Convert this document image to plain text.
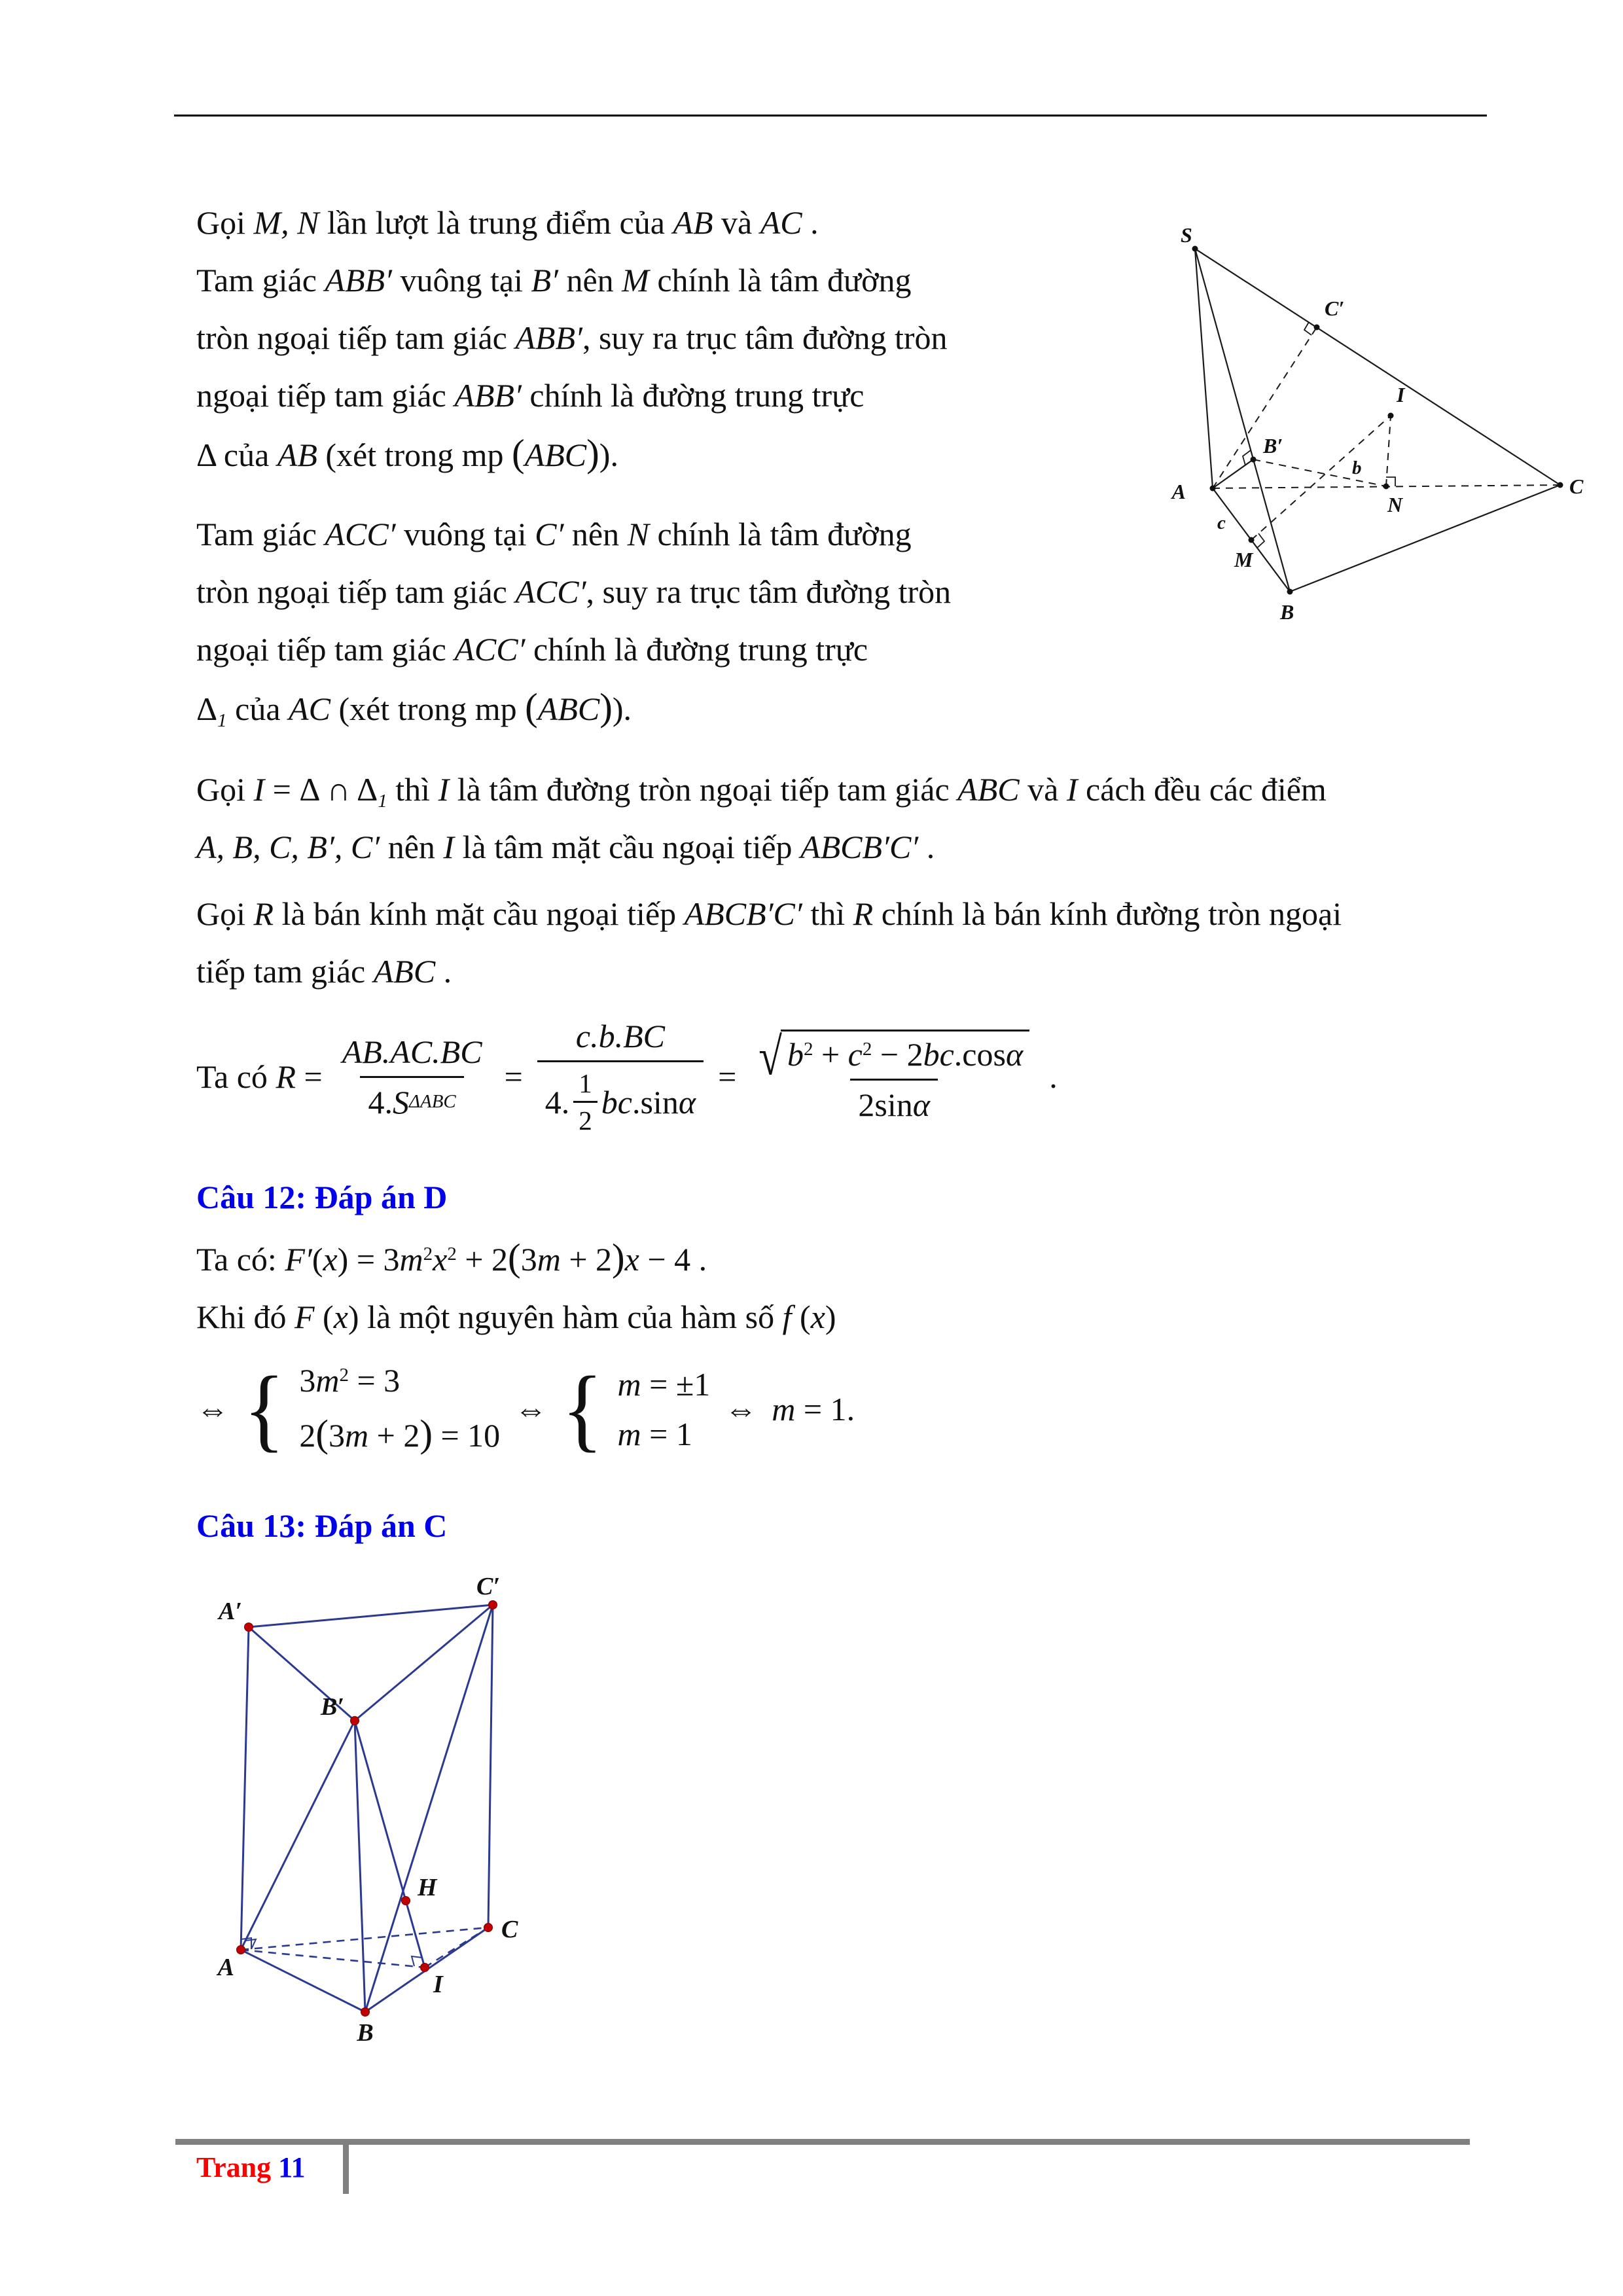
Gọi M, N lần lượt là trung điểm của AB và AC .
Tam giác ABB′ vuông tại B′ nên M chính là tâm đường
tròn ngoại tiếp tam giác ABB′, suy ra trục tâm đường tròn
ngoại tiếp tam giác ABB′ chính là đường trung trực
Δ của AB (xét trong mp (ABC)).
Tam giác ACC′ vuông tại C′ nên N chính là tâm đường
tròn ngoại tiếp tam giác ACC′, suy ra trục tâm đường tròn
ngoại tiếp tam giác ACC′ chính là đường trung trực
$\Delta_1$ của AC (xét trong mp (ABC)).
Gọi I = Δ ∩ $\Delta_1$ thì I là tâm đường tròn ngoại tiếp tam giác ABC và I cách đều các điểm
A, B, C, B′, C′ nên I là tâm mặt cầu ngoại tiếp ABCB′C′ .
Gọi R là bán kính mặt cầu ngoại tiếp ABCB′C′ thì R chính là bán kính đường tròn ngoại
tiếp tam giác ABC .
Ta có $R = \frac{AB.AC.BC}{\text{4. S ΔABC}} = c.b.BC$
4.
1
2
$bc.\sin\alpha = \frac{√ b^2 + c^2 - 2bc.\cos\alpha}{\text{2sin α}}$ .
Câu 12: Đáp án D
Ta có: $F'(x) = 3m^2x^2 + 2(3m + 2)x - 4$ .
Khi đó F (x) là một nguyên hàm của hàm số f (x)
⇔ { $3m^2 = 3$
2(3m + 2) = 10
⇔ { m = ±1
m = 1
⇔ m = 1.
Câu 13: Đáp án C
S
C′
I
B′
A
b
N
C
c
M
B
A′
C′
B′
H
C
A
I
B
Trang 11
